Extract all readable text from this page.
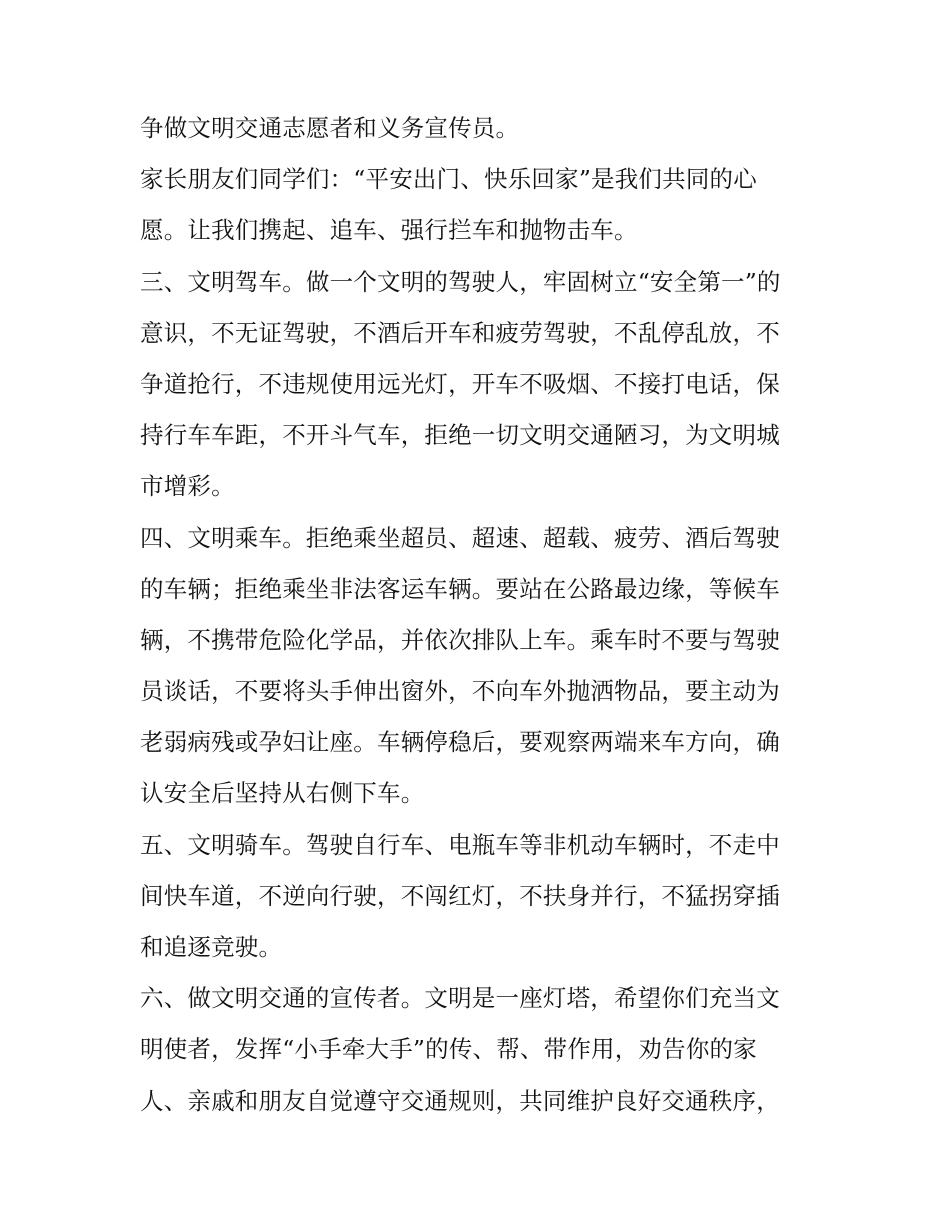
争做文明交通志愿者和义务宣传员。
家长朋友们同学们：“平安出门、快乐回家”是我们共同的心
愿。让我们携起、追车、强行拦车和抛物击车。
三、文明驾车。做一个文明的驾驶人，牢固树立“安全第一”的
意识，不无证驾驶，不酒后开车和疲劳驾驶，不乱停乱放，不
争道抢行，不违规使用远光灯，开车不吸烟、不接打电话，保
持行车车距，不开斗气车，拒绝一切文明交通陋习，为文明城
市增彩。
四、文明乘车。拒绝乘坐超员、超速、超载、疲劳、酒后驾驶
的车辆；拒绝乘坐非法客运车辆。要站在公路最边缘，等候车
辆，不携带危险化学品，并依次排队上车。乘车时不要与驾驶
员谈话，不要将头手伸出窗外，不向车外抛洒物品，要主动为
老弱病残或孕妇让座。车辆停稳后，要观察两端来车方向，确
认安全后坚持从右侧下车。
五、文明骑车。驾驶自行车、电瓶车等非机动车辆时，不走中
间快车道，不逆向行驶，不闯红灯，不扶身并行，不猛拐穿插
和追逐竞驶。
六、做文明交通的宣传者。文明是一座灯塔，希望你们充当文
明使者，发挥“小手牵大手”的传、帮、带作用，劝告你的家
人、亲戚和朋友自觉遵守交通规则，共同维护良好交通秩序，
